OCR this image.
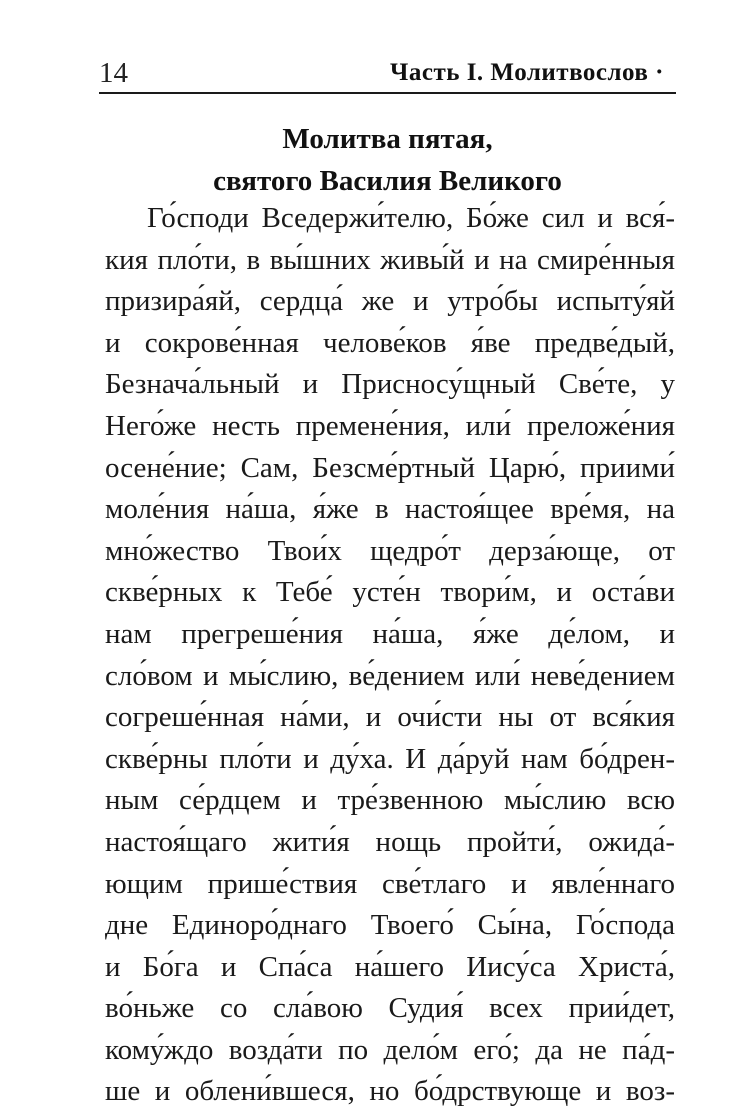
14	Часть I. Молитвослов ·
Молитва пятая,
святого Василия Великого
Го́споди Вседержи́телю, Бо́же сил и вся́-
кия пло́ти, в вы́шних живы́й и на смире́нныя
призира́яй, сердца́ же и утро́бы испыту́яй
и сокрове́нная челове́ков я́ве предве́дый,
Безнача́льный и Присносу́щный Све́те, у
Него́же несть премене́ния, или́ преложе́ния
осене́ние; Сам, Безсме́ртный Царю́, приими́
моле́ния на́ша, я́же в настоя́щее вре́мя, на
мно́жество Твои́х щедро́т дерза́юще, от
скве́рных к Тебе́ усте́н твори́м, и оста́ви
нам прегреше́ния на́ша, я́же де́лом, и
сло́вом и мы́слию, ве́дением или́ неве́дением
согреше́нная на́ми, и очи́сти ны от вся́кия
скве́рны пло́ти и ду́ха. И да́руй нам бо́дрен-
ным се́рдцем и тре́звенною мы́слию всю
настоя́щаго жити́я нощь пройти́, ожида́-
ющим прише́ствия све́тлаго и явле́ннаго
дне Единоро́днаго Твоего́ Сы́на, Го́спода
и Бо́га и Спа́са на́шего Иису́са Христа́,
во́ньже со сла́вою Судия́ всех прии́дет,
кому́ждо возда́ти по дело́м его́; да не па́д-
ше и облени́вшеся, но бо́дрствующе и воз-
